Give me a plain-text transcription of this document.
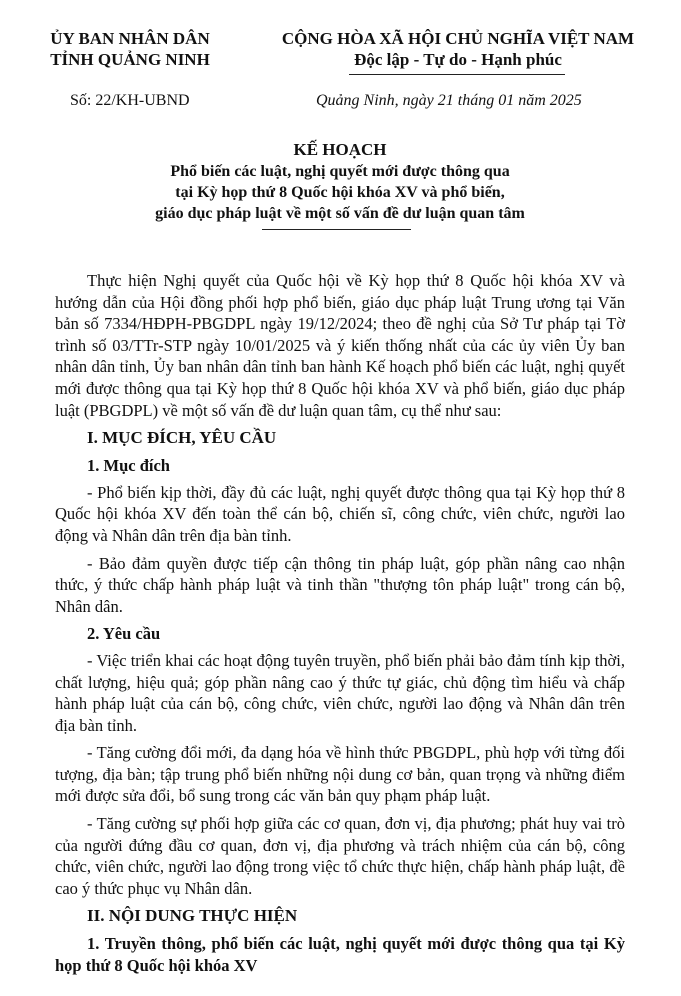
ỦY BAN NHÂN DÂN
TỈNH QUẢNG NINH
CỘNG HÒA XÃ HỘI CHỦ NGHĨA VIỆT NAM
Độc lập - Tự do - Hạnh phúc
Số: 22/KH-UBND	Quảng Ninh, ngày 21 tháng 01 năm 2025
KẾ HOẠCH
Phổ biến các luật, nghị quyết mới được thông qua
tại Kỳ họp thứ 8 Quốc hội khóa XV và phổ biến,
giáo dục pháp luật về một số vấn đề dư luận quan tâm

Thực hiện Nghị quyết của Quốc hội về Kỳ họp thứ 8 Quốc hội khóa XV và hướng dẫn của Hội đồng phối hợp phổ biến, giáo dục pháp luật Trung ương tại Văn bản số 7334/HĐPH-PBGDPL ngày 19/12/2024; theo đề nghị của Sở Tư pháp tại Tờ trình số 03/TTr-STP ngày 10/01/2025 và ý kiến thống nhất của các ủy viên Ủy ban nhân dân tỉnh, Ủy ban nhân dân tỉnh ban hành Kế hoạch phổ biến các luật, nghị quyết mới được thông qua tại Kỳ họp thứ 8 Quốc hội khóa XV và phổ biến, giáo dục pháp luật (PBGDPL) về một số vấn đề dư luận quan tâm, cụ thể như sau:

I. MỤC ĐÍCH, YÊU CẦU
1. Mục đích

- Phổ biến kịp thời, đầy đủ các luật, nghị quyết được thông qua tại Kỳ họp thứ 8 Quốc hội khóa XV đến toàn thể cán bộ, chiến sĩ, công chức, viên chức, người lao động và Nhân dân trên địa bàn tỉnh.

- Bảo đảm quyền được tiếp cận thông tin pháp luật, góp phần nâng cao nhận thức, ý thức chấp hành pháp luật và tinh thần "thượng tôn pháp luật" trong cán bộ, Nhân dân.

2. Yêu cầu

- Việc triển khai các hoạt động tuyên truyền, phổ biến phải bảo đảm tính kịp thời, chất lượng, hiệu quả; góp phần nâng cao ý thức tự giác, chủ động tìm hiểu và chấp hành pháp luật của cán bộ, công chức, viên chức, người lao động và Nhân dân trên địa bàn tỉnh.

- Tăng cường đổi mới, đa dạng hóa về hình thức PBGDPL, phù hợp với từng đối tượng, địa bàn; tập trung phổ biến những nội dung cơ bản, quan trọng và những điểm mới được sửa đổi, bổ sung trong các văn bản quy phạm pháp luật.

- Tăng cường sự phối hợp giữa các cơ quan, đơn vị, địa phương; phát huy vai trò của người đứng đầu cơ quan, đơn vị, địa phương và trách nhiệm của cán bộ, công chức, viên chức, người lao động trong việc tổ chức thực hiện, chấp hành pháp luật, đề cao ý thức phục vụ Nhân dân.

II. NỘI DUNG THỰC HIỆN
1. Truyền thông, phổ biến các luật, nghị quyết mới được thông qua tại Kỳ họp thứ 8 Quốc hội khóa XV
